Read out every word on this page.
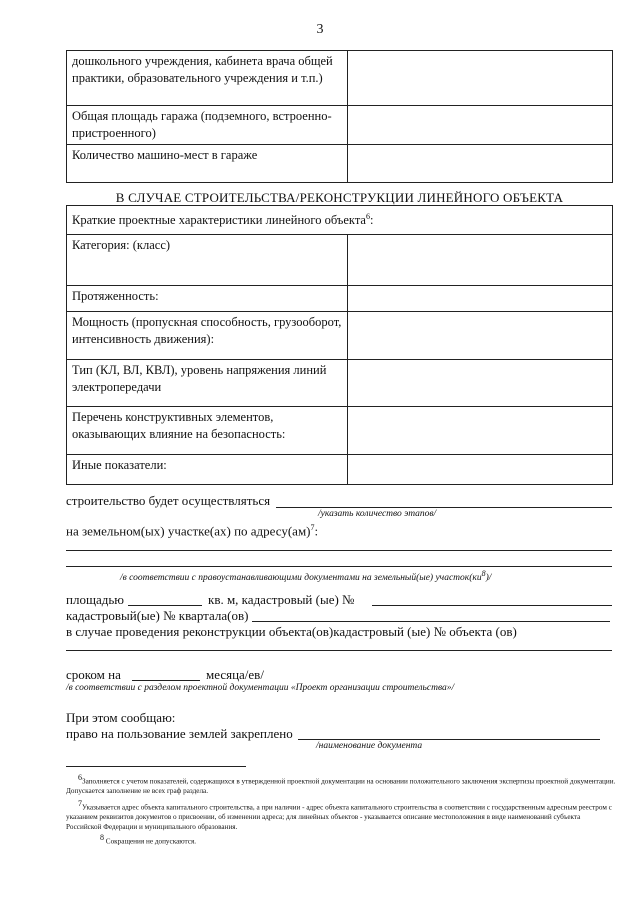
3
дошкольного учреждения, кабинета врача общей практики, образовательного учреждения и т.п.)	
Общая площадь гаража (подземного, встроенно-пристроенного)	
Количество машино-мест в гараже	
В СЛУЧАЕ СТРОИТЕЛЬСТВА/РЕКОНСТРУКЦИИ ЛИНЕЙНОГО ОБЪЕКТА
Краткие проектные характеристики линейного объекта$^6$:	
Категория: (класс)	
Протяженность:	
Мощность (пропускная способность, грузооборот, интенсивность движения):	
Тип (КЛ, ВЛ, КВЛ), уровень напряжения линий электропередачи	
Перечень конструктивных элементов, оказывающих влияние на безопасность:	
Иные показатели:	
строительство будет осуществляться
/указать количество этапов/
на земельном(ых) участке(ах) по адресу(ам)$^7$:
/в соответствии с правоустанавливающими документами на земельный(ые) $участок(ки^8)/$
площадью	кв. м, кадастровый (ые) №
кадастровый(ые) № квартала(ов)
в случае проведения реконструкции объекта(ов)кадастровый (ые) № объекта (ов)
сроком на	месяца/ев/
/в соответствии с разделом проектной документации «Проект организации строительства»/
При этом сообщаю:
право на пользование землей закреплено
/наименование документа

$^6$Заполняется с учетом показателей, содержащихся в утвержденной проектной документации на основании положительного заключения экспертизы проектной документации. Допускается заполнение не всех граф раздела.

$^7$Указывается адрес объекта капитального строительства, а при наличии - адрес объекта капитального строительства в соответствии с государственным адресным реестром с указанием реквизитов документов о присвоении, об изменении адреса; для линейных объектов - указывается описание местоположения в виде наименований субъекта Российской Федерации и муниципального образования.

$^8$ Сокращения не допускаются.
